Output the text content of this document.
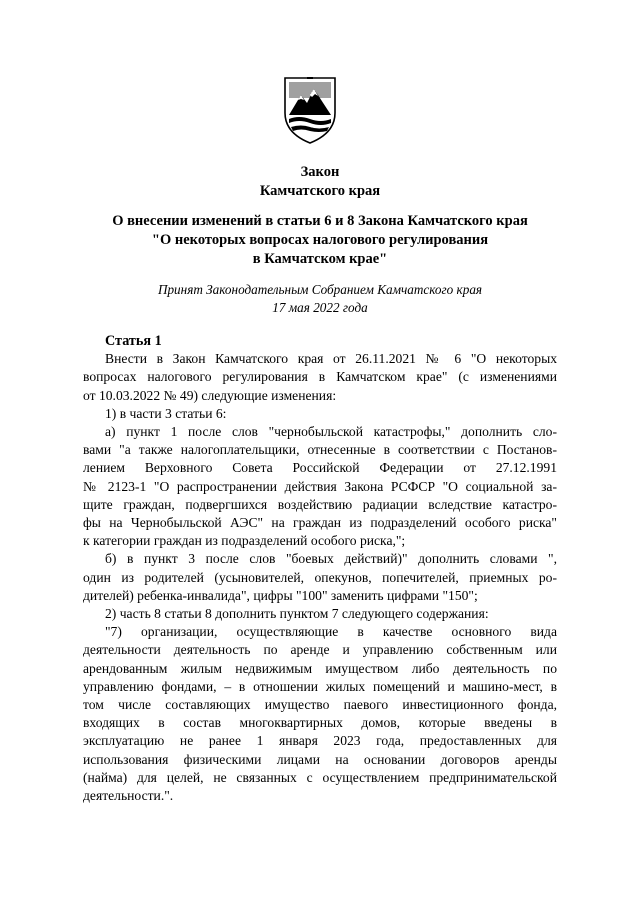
Закон
Камчатского края
О внесении изменений в статьи 6 и 8 Закона Камчатского края
"О некоторых вопросах налогового регулирования
в Камчатском крае"
Принят Законодательным Собранием Камчатского края
17 мая 2022 года
Статья 1
Внести в Закон Камчатского края от 26.11.2021 № 6 "О некоторых
вопросах налогового регулирования в Камчатском крае" (с изменениями
от 10.03.2022 № 49) следующие изменения:
1) в части 3 статьи 6:
а) пункт 1 после слов "чернобыльской катастрофы," дополнить сло-
вами "а также налогоплательщики, отнесенные в соответствии с Постанов-
лением Верховного Совета Российской Федерации от 27.12.1991
№ 2123-1 "О распространении действия Закона РСФСР "О социальной за-
щите граждан, подвергшихся воздействию радиации вследствие катастро-
фы на Чернобыльской АЭС" на граждан из подразделений особого риска"
к категории граждан из подразделений особого риска,";
б) в пункт 3 после слов "боевых действий)" дополнить словами ",
один из родителей (усыновителей, опекунов, попечителей, приемных ро-
дителей) ребенка-инвалида", цифры "100" заменить цифрами "150";
2) часть 8 статьи 8 дополнить пунктом 7 следующего содержания:
"7) организации, осуществляющие в качестве основного вида
деятельности деятельность по аренде и управлению собственным или
арендованным жилым недвижимым имуществом либо деятельность по
управлению фондами, – в отношении жилых помещений и машино-мест, в
том числе составляющих имущество паевого инвестиционного фонда,
входящих в состав многоквартирных домов, которые введены в
эксплуатацию не ранее 1 января 2023 года, предоставленных для
использования физическими лицами на основании договоров аренды
(найма) для целей, не связанных с осуществлением предпринимательской
деятельности.".
